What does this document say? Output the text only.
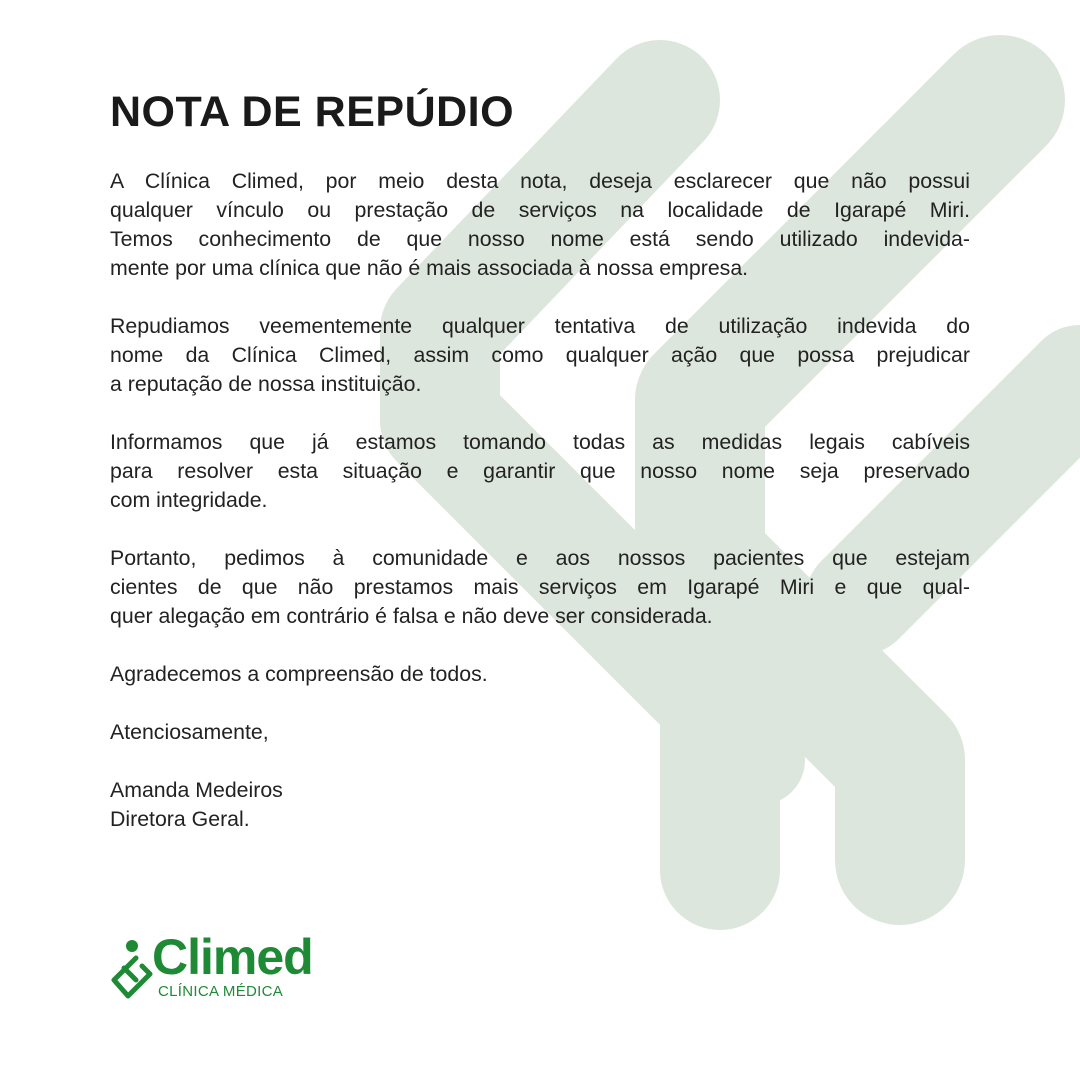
NOTA DE REPÚDIO
A Clínica Climed, por meio desta nota, deseja esclarecer que não possui
qualquer vínculo ou prestação de serviços na localidade de Igarapé Miri.
Temos conhecimento de que nosso nome está sendo utilizado indevida-
mente por uma clínica que não é mais associada à nossa empresa.
Repudiamos veementemente qualquer tentativa de utilização indevida do
nome da Clínica Climed, assim como qualquer ação que possa prejudicar
a reputação de nossa instituição.
Informamos que já estamos tomando todas as medidas legais cabíveis
para resolver esta situação e garantir que nosso nome seja preservado
com integridade.
Portanto, pedimos à comunidade e aos nossos pacientes que estejam
cientes de que não prestamos mais serviços em Igarapé Miri e que qual-
quer alegação em contrário é falsa e não deve ser considerada.

Agradecemos a compreensão de todos.

Atenciosamente,

Amanda Medeiros
Diretora Geral.
Climed
CLÍNICA MÉDICA
